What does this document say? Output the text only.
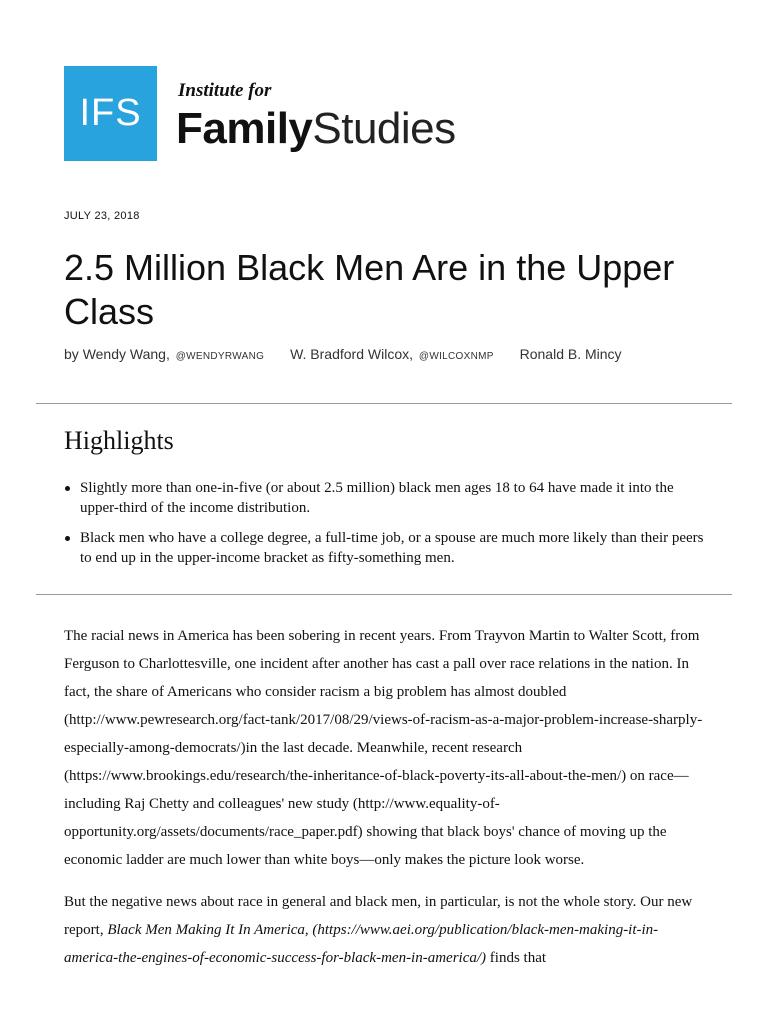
IFS
Institute for
FamilyStudies
JULY 23, 2018
2.5 Million Black Men Are in the Upper Class
by Wendy Wang, @WENDYRWANG W. Bradford Wilcox, @WILCOXNMP Ronald B. Mincy
Highlights
Slightly more than one-in-five (or about 2.5 million) black men ages 18 to 64 have made it into the upper-third of the income distribution.
Black men who have a college degree, a full-time job, or a spouse are much more likely than their peers to end up in the upper-income bracket as fifty-something men.

The racial news in America has been sobering in recent years. From Trayvon Martin to Walter Scott, from Ferguson to Charlottesville, one incident after another has cast a pall over race relations in the nation. In fact, the share of Americans who consider racism a big problem has almost doubled (http://www.pewresearch.org/fact-tank/2017/08/29/views-of-racism-as-a-major-problem-increase-sharply-especially-among-democrats/)in the last decade. Meanwhile, recent research (https://www.brookings.edu/research/the-inheritance-of-black-poverty-its-all-about-the-men/) on race—including Raj Chetty and colleagues' new study (http://www.equality-of-opportunity.org/assets/documents/race_paper.pdf) showing that black boys' chance of moving up the economic ladder are much lower than white boys—only makes the picture look worse.

But the negative news about race in general and black men, in particular, is not the whole story. Our new report, Black Men Making It In America, (https://www.aei.org/publication/black-men-making-it-in-america-the-engines-of-economic-success-for-black-men-in-america/) finds that
